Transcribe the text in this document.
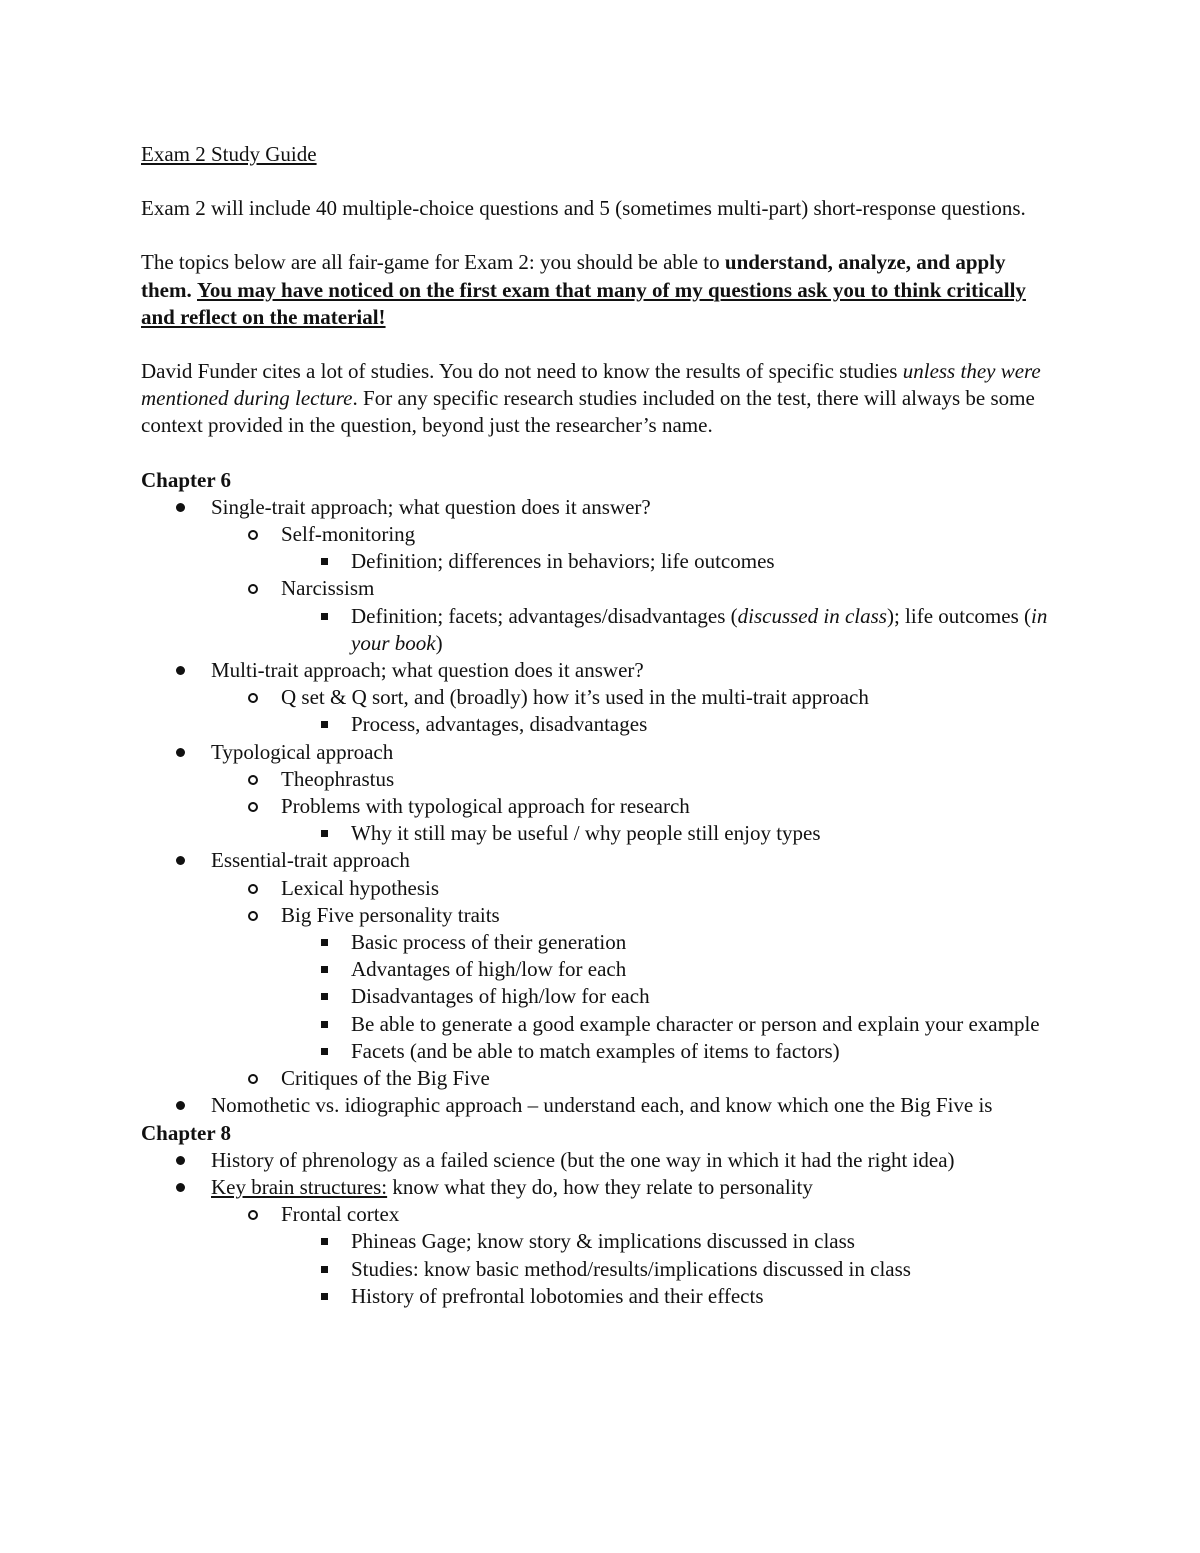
Exam 2 Study Guide

Exam 2 will include 40 multiple-choice questions and 5 (sometimes multi-part) short-response questions.

The topics below are all fair-game for Exam 2: you should be able to understand, analyze, and apply them. You may have noticed on the first exam that many of my questions ask you to think critically and reflect on the material!

David Funder cites a lot of studies. You do not need to know the results of specific studies unless they were mentioned during lecture. For any specific research studies included on the test, there will always be some context provided in the question, beyond just the researcher’s name.

Chapter 6

Single-trait approach; what question does it answer?
Self-monitoring
Definition; differences in behaviors; life outcomes
Narcissism
Definition; facets; advantages/disadvantages (discussed in class); life outcomes (in your book)
Multi-trait approach; what question does it answer?
Q set & Q sort, and (broadly) how it’s used in the multi-trait approach
Process, advantages, disadvantages
Typological approach
Theophrastus
Problems with typological approach for research
Why it still may be useful / why people still enjoy types
Essential-trait approach
Lexical hypothesis
Big Five personality traits
Basic process of their generation
Advantages of high/low for each
Disadvantages of high/low for each
Be able to generate a good example character or person and explain your example
Facets (and be able to match examples of items to factors)
Critiques of the Big Five
Nomothetic vs. idiographic approach – understand each, and know which one the Big Five is

Chapter 8

History of phrenology as a failed science (but the one way in which it had the right idea)
Key brain structures: know what they do, how they relate to personality
Frontal cortex
Phineas Gage; know story & implications discussed in class
Studies: know basic method/results/implications discussed in class
History of prefrontal lobotomies and their effects
